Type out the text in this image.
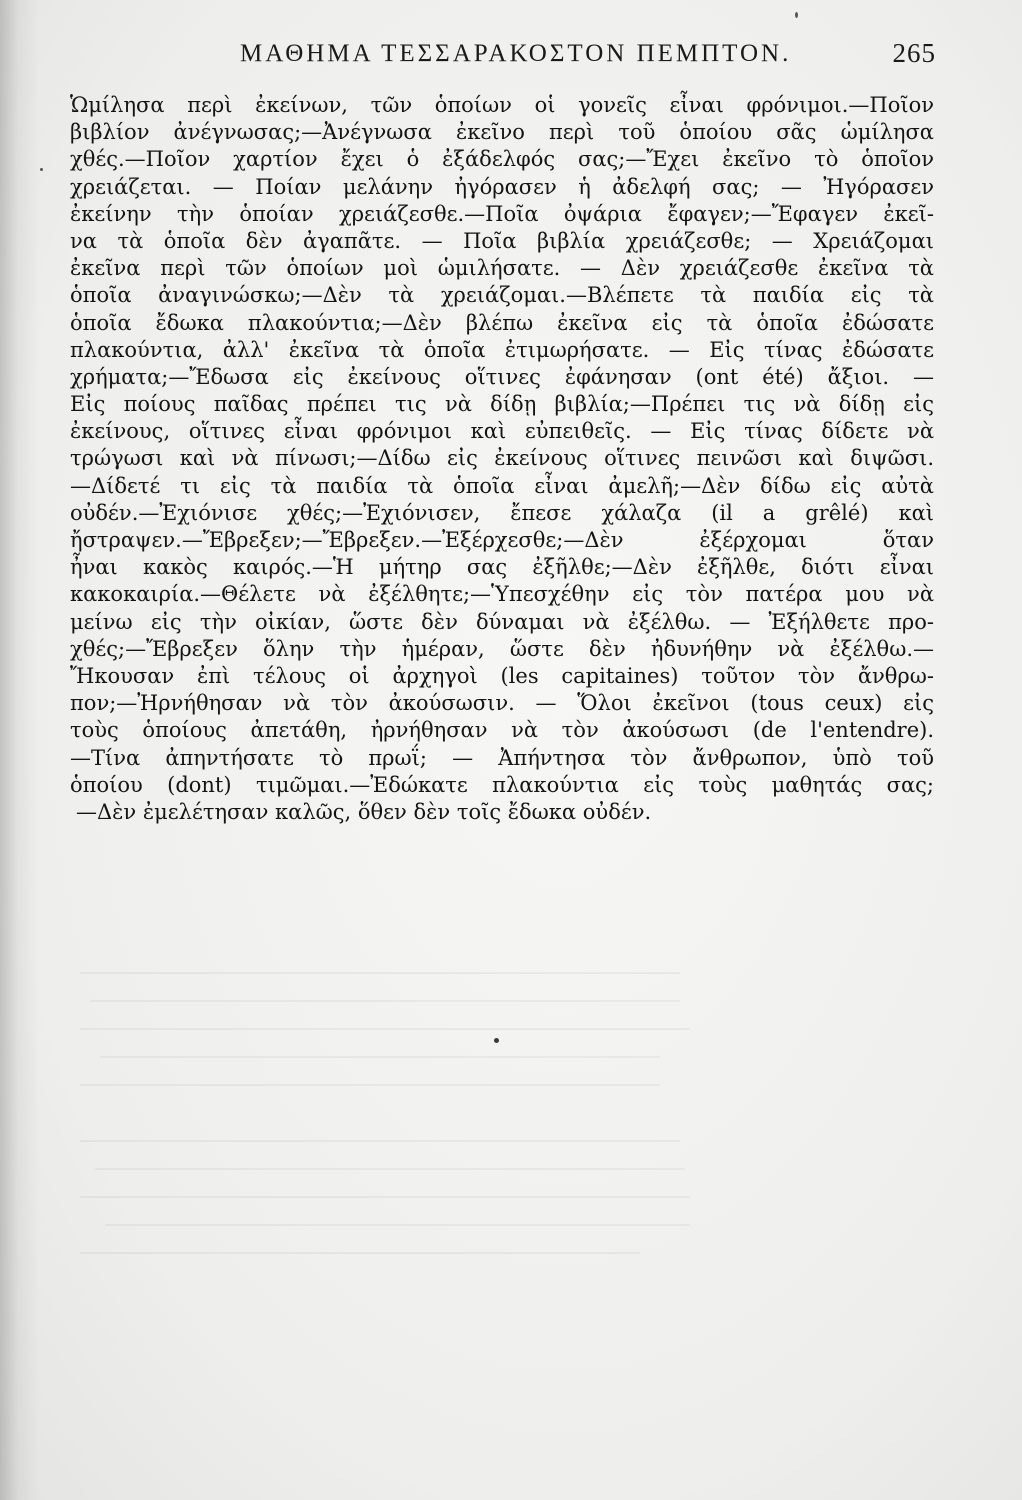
ΜΑΘΗΜΑ ΤΕΣΣΑΡΑΚΟΣΤΟΝ ΠΕΜΠΤΟΝ.	265
Ὡμίλησα περὶ ἐκείνων, τῶν ὁποίων οἱ γονεῖς εἶναι φρόνιμοι.—Ποῖον
βιβλίον ἀνέγνωσας;—Ἀνέγνωσα ἐκεῖνο περὶ τοῦ ὁποίου σᾶς ὡμίλησα
χθές.—Ποῖον χαρτίον ἔχει ὁ ἐξάδελφός σας;—Ἔχει ἐκεῖνο τὸ ὁποῖον
χρειάζεται. — Ποίαν μελάνην ἠγόρασεν ἡ ἀδελφή σας; — Ἠγόρασεν
ἐκείνην τὴν ὁποίαν χρειάζεσθε.—Ποῖα ὀψάρια ἔφαγεν;—Ἔφαγεν ἐκεῖ-
να τὰ ὁποῖα δὲν ἀγαπᾶτε. — Ποῖα βιβλία χρειάζεσθε; — Χρειάζομαι
ἐκεῖνα περὶ τῶν ὁποίων μοὶ ὡμιλήσατε. — Δὲν χρειάζεσθε ἐκεῖνα τὰ
ὁποῖα ἀναγινώσκω;—Δὲν τὰ χρειάζομαι.—Βλέπετε τὰ παιδία εἰς τὰ
ὁποῖα ἔδωκα πλακούντια;—Δὲν βλέπω ἐκεῖνα εἰς τὰ ὁποῖα ἐδώσατε
πλακούντια, ἀλλ' ἐκεῖνα τὰ ὁποῖα ἐτιμωρήσατε. — Εἰς τίνας ἐδώσατε
χρήματα;—Ἔδωσα εἰς ἐκείνους οἵτινες ἐφάνησαν (ont été) ἄξιοι. —
Εἰς ποίους παῖδας πρέπει τις νὰ δίδῃ βιβλία;—Πρέπει τις νὰ δίδῃ εἰς
ἐκείνους, οἵτινες εἶναι φρόνιμοι καὶ εὐπειθεῖς. — Εἰς τίνας δίδετε νὰ
τρώγωσι καὶ νὰ πίνωσι;—Δίδω εἰς ἐκείνους οἵτινες πεινῶσι καὶ διψῶσι.
—Δίδετέ τι εἰς τὰ παιδία τὰ ὁποῖα εἶναι ἀμελῆ;—Δὲν δίδω εἰς αὐτὰ
οὐδέν.—Ἐχιόνισε χθές;—Ἐχιόνισεν, ἔπεσε χάλαζα (il a grêlé) καὶ
ἤστραψεν.—Ἔβρεξεν;—Ἔβρεξεν.—Ἐξέρχεσθε;—Δὲν ἐξέρχομαι ὅταν
ἦναι κακὸς καιρός.—Ἡ μήτηρ σας ἐξῆλθε;—Δὲν ἐξῆλθε, διότι εἶναι
κακοκαιρία.—Θέλετε νὰ ἐξέλθητε;—Ὑπεσχέθην εἰς τὸν πατέρα μου νὰ
μείνω εἰς τὴν οἰκίαν, ὥστε δὲν δύναμαι νὰ ἐξέλθω. — Ἐξήλθετε προ-
χθές;—Ἔβρεξεν ὅλην τὴν ἡμέραν, ὥστε δὲν ἠδυνήθην νὰ ἐξέλθω.—
Ἤκουσαν ἐπὶ τέλους οἱ ἀρχηγοὶ (les capitaines) τοῦτον τὸν ἄνθρω-
πον;—Ἠρνήθησαν νὰ τὸν ἀκούσωσιν. — Ὅλοι ἐκεῖνοι (tous ceux) εἰς
τοὺς ὁποίους ἀπετάθη, ἠρνήθησαν νὰ τὸν ἀκούσωσι (de l'entendre).
—Τίνα ἀπηντήσατε τὸ πρωΐ; — Ἀπήντησα τὸν ἄνθρωπον, ὑπὸ τοῦ
ὁποίου (dont) τιμῶμαι.—Ἐδώκατε πλακούντια εἰς τοὺς μαθητάς σας;
—Δὲν ἐμελέτησαν καλῶς, ὅθεν δὲν τοῖς ἔδωκα οὐδέν.
